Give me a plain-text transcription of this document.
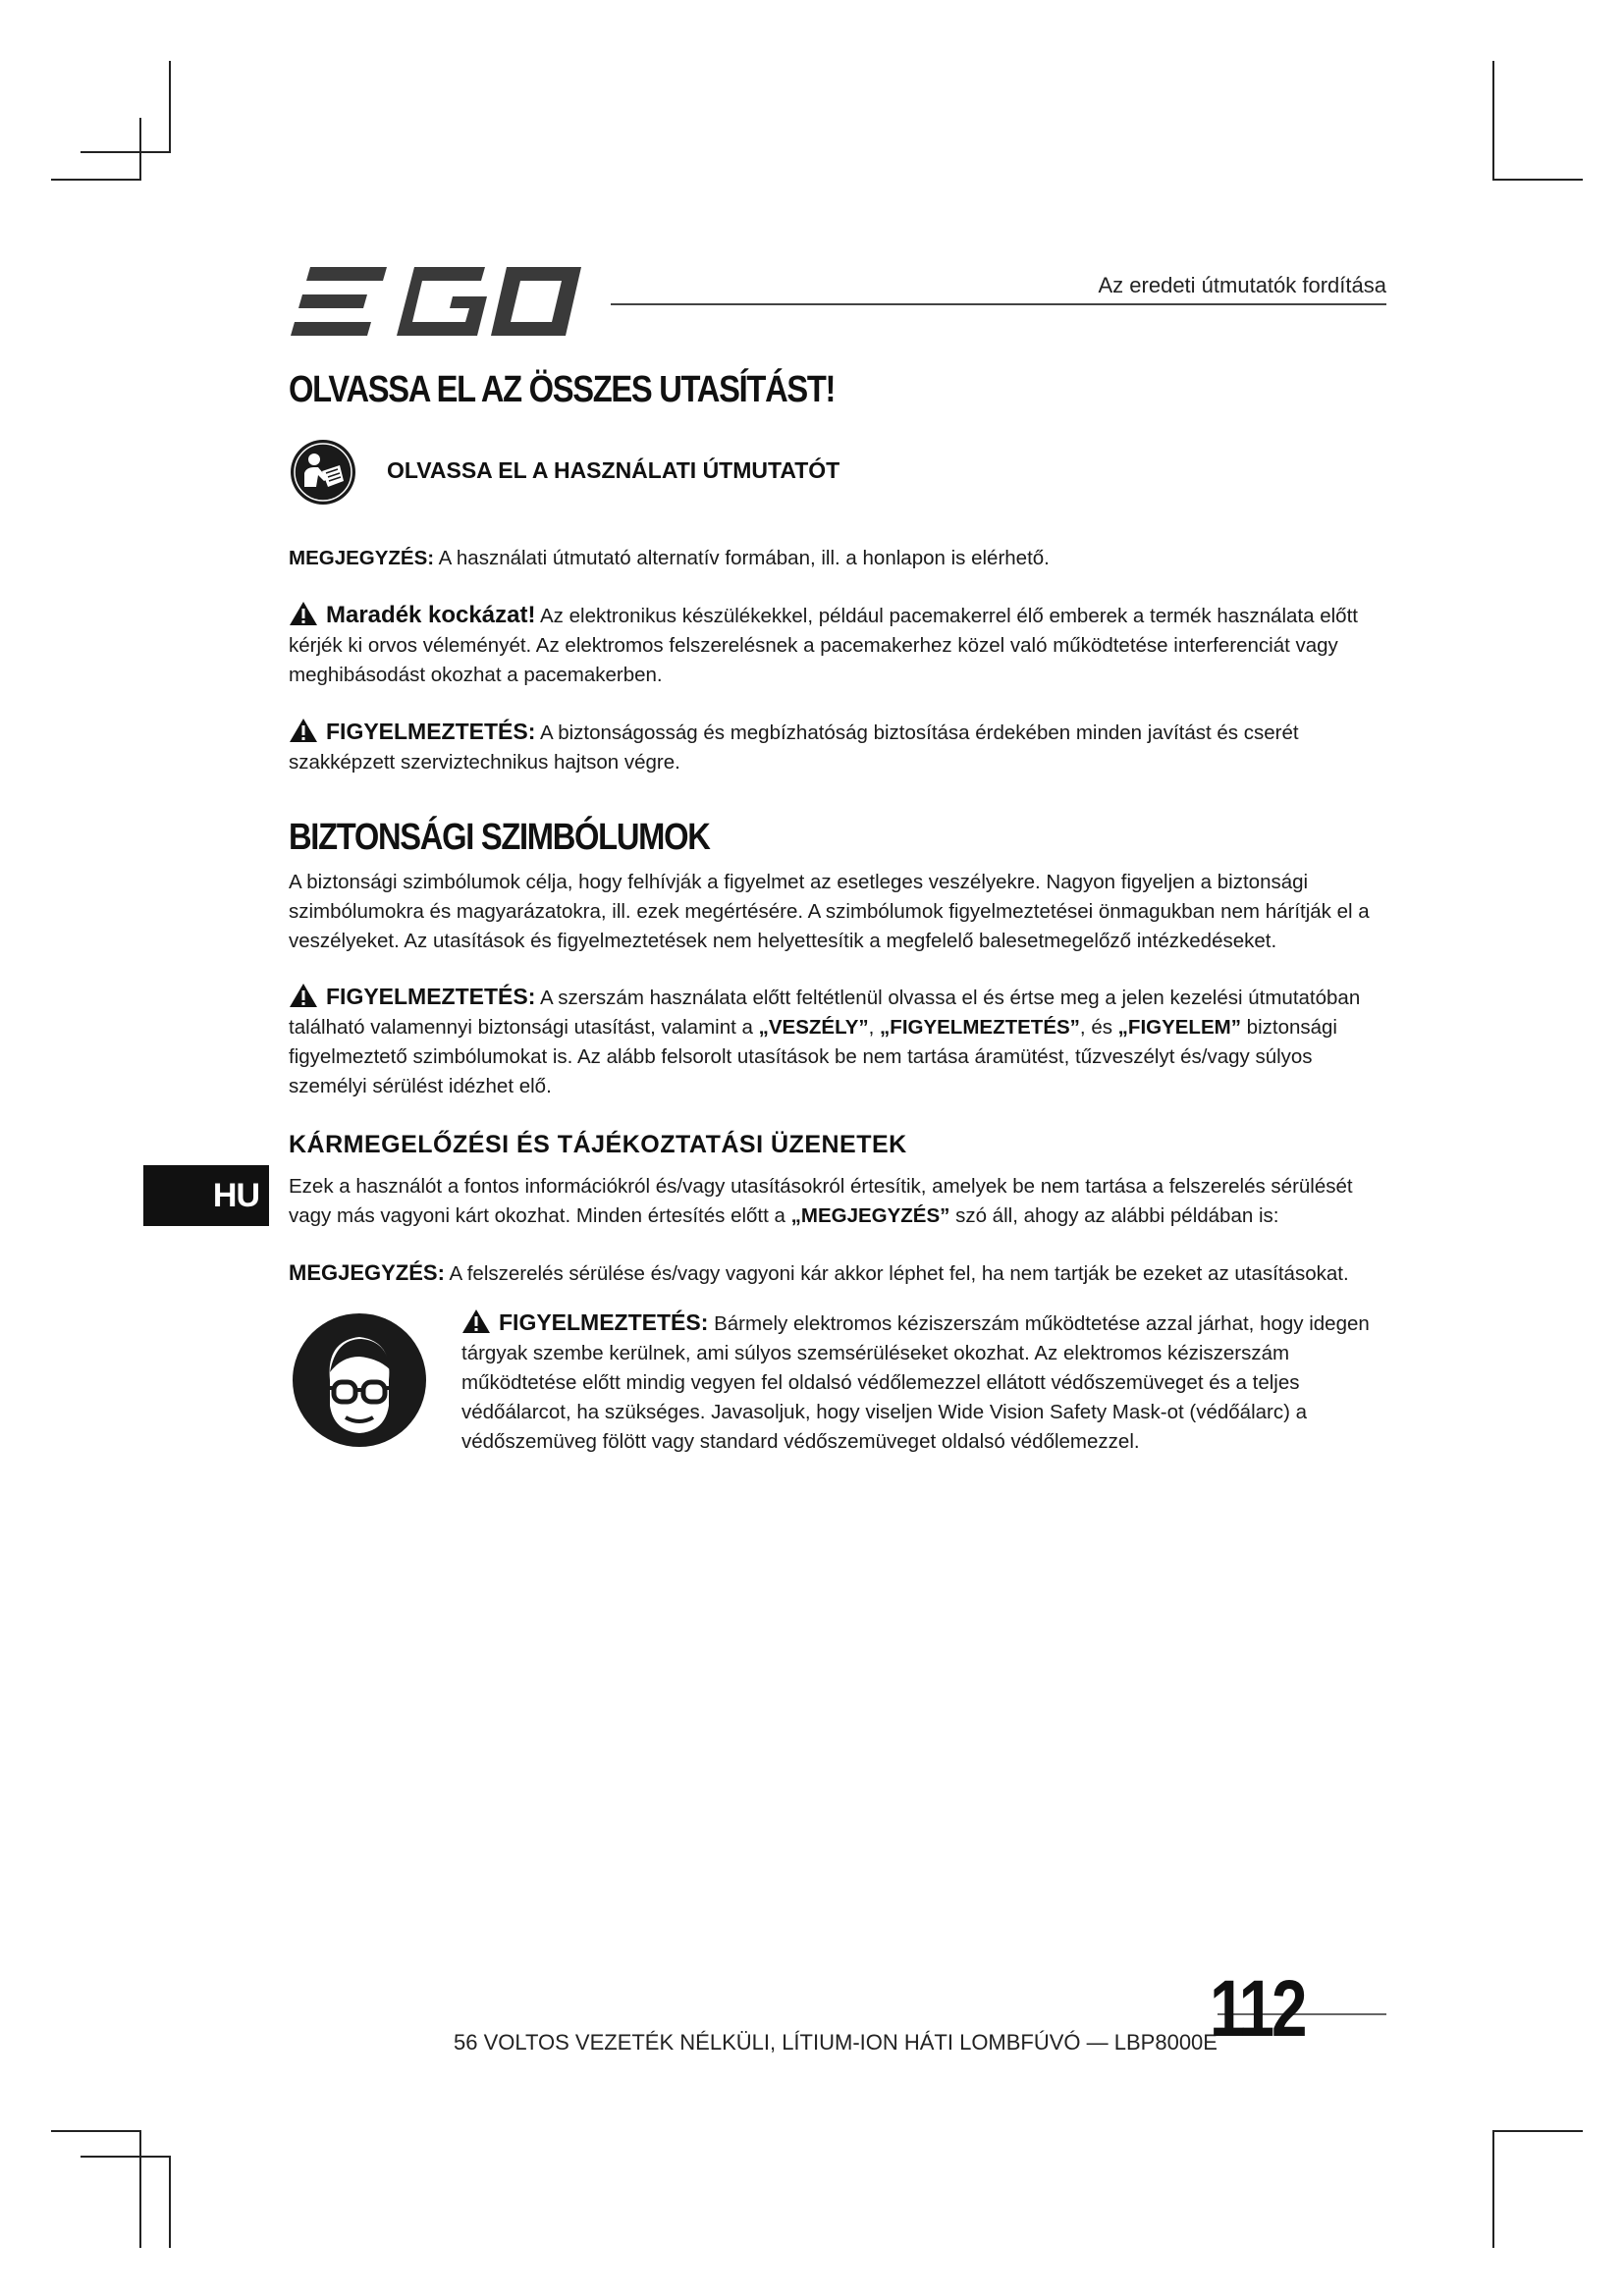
Az eredeti útmutatók fordítása
OLVASSA EL AZ ÖSSZES UTASÍTÁST!
OLVASSA EL A HASZNÁLATI ÚTMUTATÓT
MEGJEGYZÉS: A használati útmutató alternatív formában, ill. a honlapon is elérhető.
Maradék kockázat! Az elektronikus készülékekkel, például pacemakerrel élő emberek a termék használata előtt kérjék ki orvos véleményét. Az elektromos felszerelésnek a pacemakerhez közel való működtetése interferenciát vagy meghibásodást okozhat a pacemakerben.
FIGYELMEZTETÉS: A biztonságosság és megbízhatóság biztosítása érdekében minden javítást és cserét szakképzett szerviztechnikus hajtson végre.
BIZTONSÁGI SZIMBÓLUMOK
A biztonsági szimbólumok célja, hogy felhívják a figyelmet az esetleges veszélyekre. Nagyon figyeljen a biztonsági szimbólumokra és magyarázatokra, ill. ezek megértésére. A szimbólumok figyelmeztetései önmagukban nem hárítják el a veszélyeket. Az utasítások és figyelmeztetések nem helyettesítik a megfelelő balesetmegelőző intézkedéseket.
FIGYELMEZTETÉS: A szerszám használata előtt feltétlenül olvassa el és értse meg a jelen kezelési útmutatóban található valamennyi biztonsági utasítást, valamint a „VESZÉLY”, „FIGYELMEZTETÉS”, és „FIGYELEM” biztonsági figyelmeztető szimbólumokat is. Az alább felsorolt utasítások be nem tartása áramütést, tűzveszélyt és/vagy súlyos személyi sérülést idézhet elő.
KÁRMEGELŐZÉSI ÉS TÁJÉKOZTATÁSI ÜZENETEK
HU	Ezek a használót a fontos információkról és/vagy utasításokról értesítik, amelyek be nem tartása a felszerelés sérülését vagy más vagyoni kárt okozhat. Minden értesítés előtt a „MEGJEGYZÉS” szó áll, ahogy az alábbi példában is:
MEGJEGYZÉS: A felszerelés sérülése és/vagy vagyoni kár akkor léphet fel, ha nem tartják be ezeket az utasításokat.
FIGYELMEZTETÉS: Bármely elektromos kéziszerszám működtetése azzal járhat, hogy idegen tárgyak szembe kerülnek, ami súlyos szemsérüléseket okozhat. Az elektromos kéziszerszám működtetése előtt mindig vegyen fel oldalsó védőlemezzel ellátott védőszemüveget és a teljes védőálarcot, ha szükséges. Javasoljuk, hogy viseljen Wide Vision Safety Mask-ot (védőálarc) a védőszemüveg fölött vagy standard védőszemüveget oldalsó védőlemezzel.
56 VOLTOS VEZETÉK NÉLKÜLI, LÍTIUM-ION HÁTI LOMBFÚVÓ — LBP8000E
112
